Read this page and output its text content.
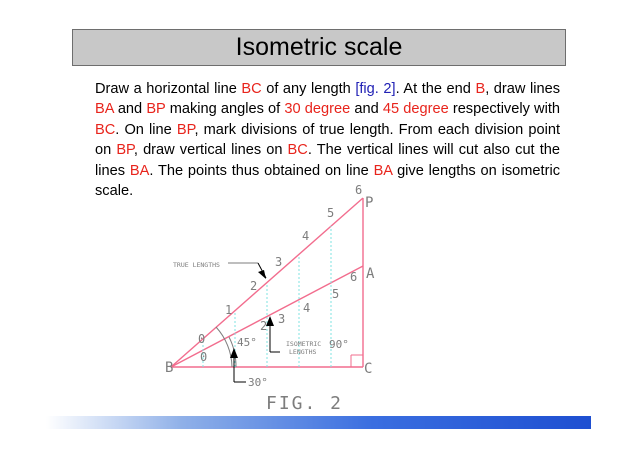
Isometric scale
Draw a horizontal line BC of any length [fig. 2]. At the end B, draw lines BA and BP making angles of 30 degree and 45 degree respectively with BC. On line BP, mark divisions of true length. From each division point on BP, draw vertical lines on BC. The vertical lines will cut also cut the lines BA. The points thus obtained on line BA give lengths on isometric scale.
B	C
A
P
0
1
2
3
4
5
6
0
2 3
4
5
6
TRUE LENGTHS
ISOMETRIC
LENGTHS
45°
30°
90°
FIG. 2
